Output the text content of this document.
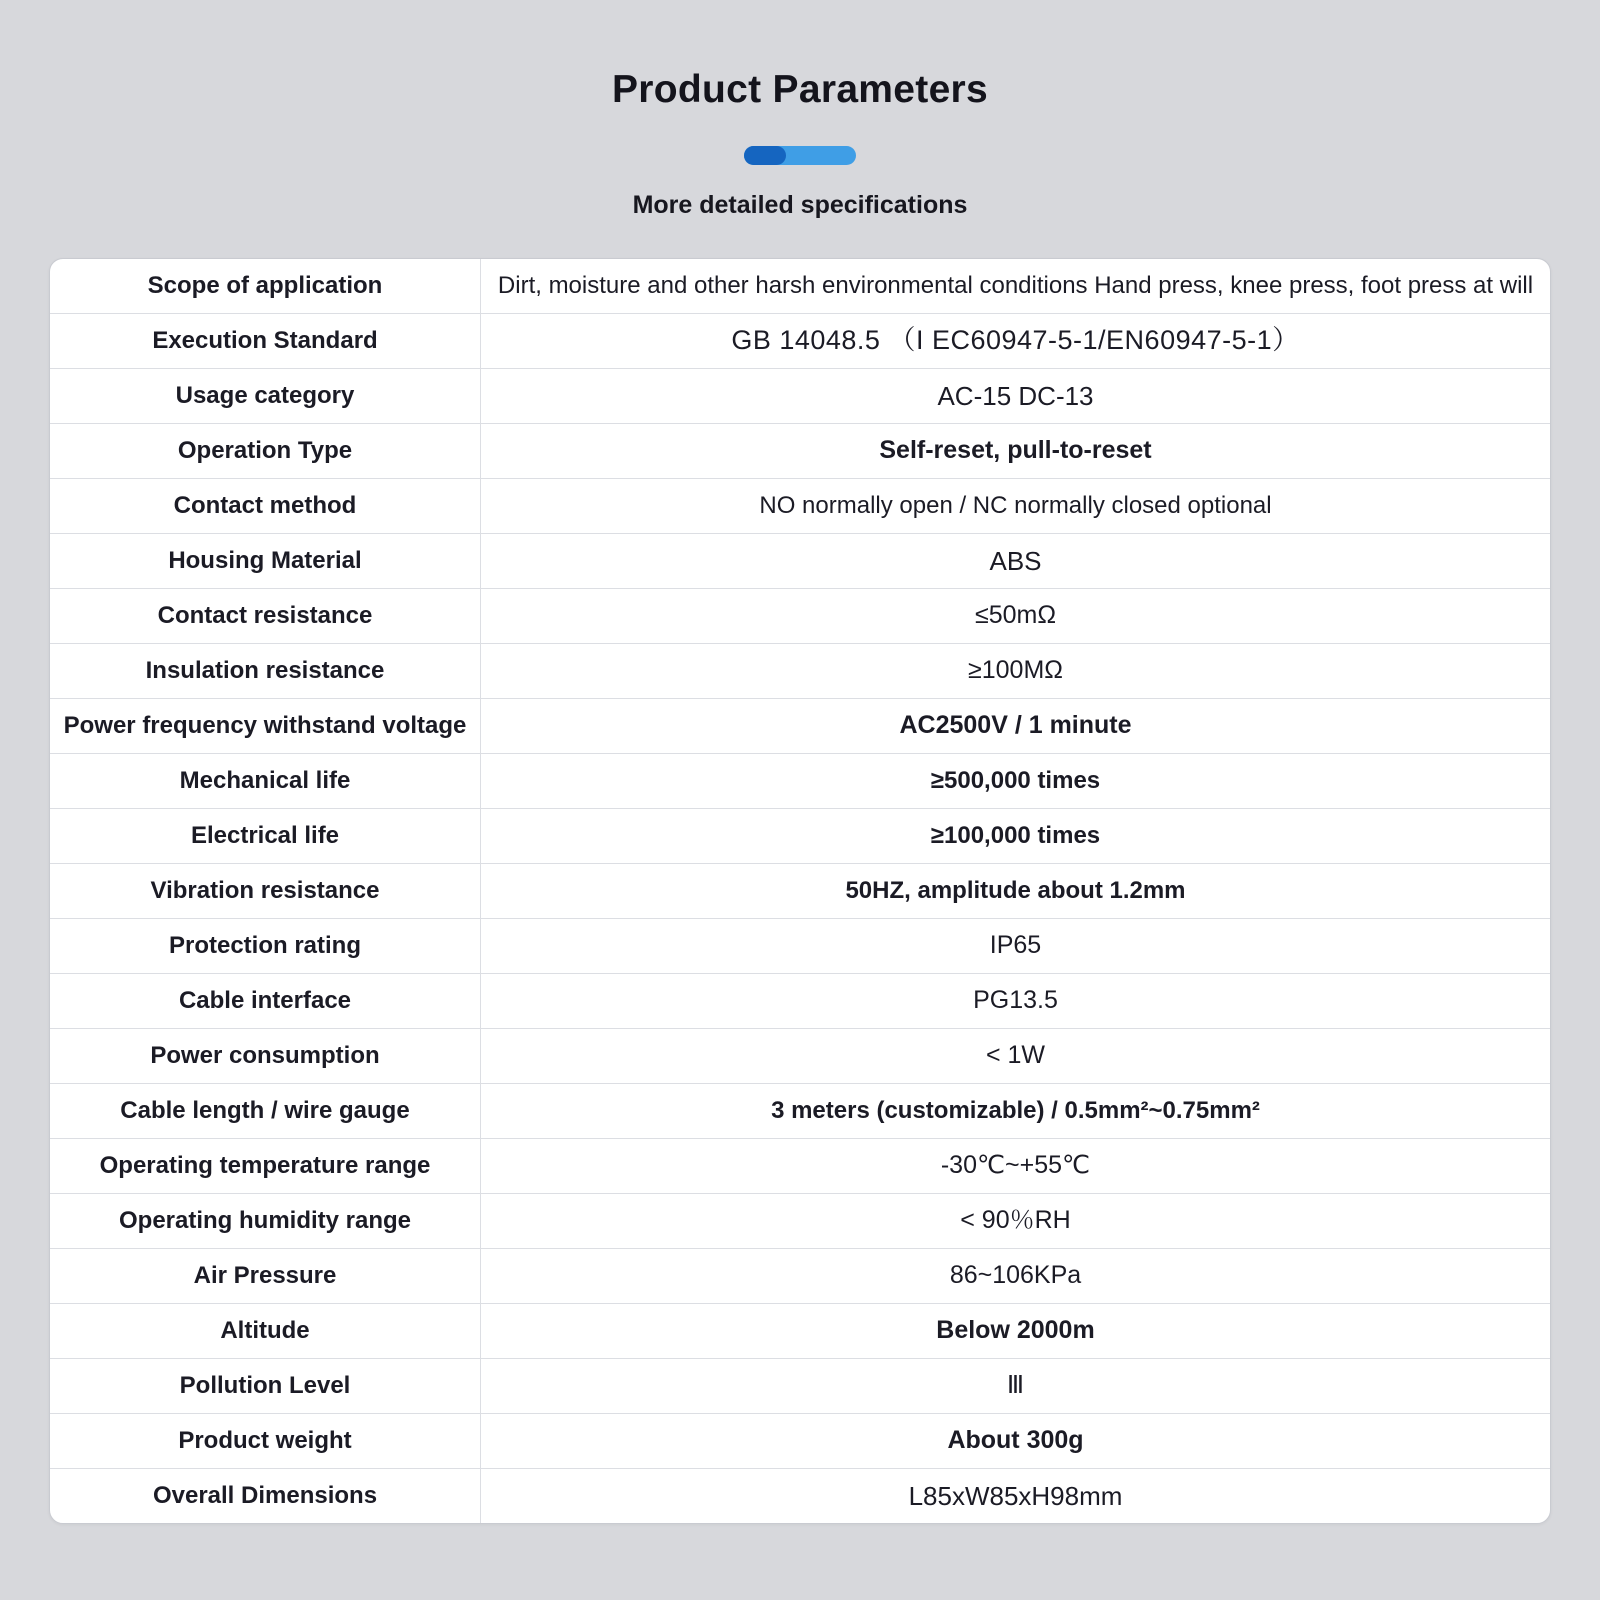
Product Parameters
More detailed specifications
Scope of application	Dirt, moisture and other harsh environmental conditions Hand press, knee press, foot press at will
Execution Standard	GB 14048.5 （I EC60947-5-1/EN60947-5-1）
Usage category	AC-15 DC-13
Operation Type	Self-reset, pull-to-reset
Contact method	NO normally open / NC normally closed optional
Housing Material	ABS
Contact resistance	≤50mΩ
Insulation resistance	≥100MΩ
Power frequency withstand voltage	AC2500V / 1 minute
Mechanical life	≥500,000 times
Electrical life	≥100,000 times
Vibration resistance	50HZ, amplitude about 1.2mm
Protection rating	IP65
Cable interface	PG13.5
Power consumption	< 1W
Cable length / wire gauge	3 meters (customizable) / 0.5mm²~0.75mm²
Operating temperature range	-30℃~+55℃
Operating humidity range	< 90％RH
Air Pressure	86~106KPa
Altitude	Below 2000m
Pollution Level	Ⅲ
Product weight	About 300g
Overall Dimensions	L85xW85xH98mm
